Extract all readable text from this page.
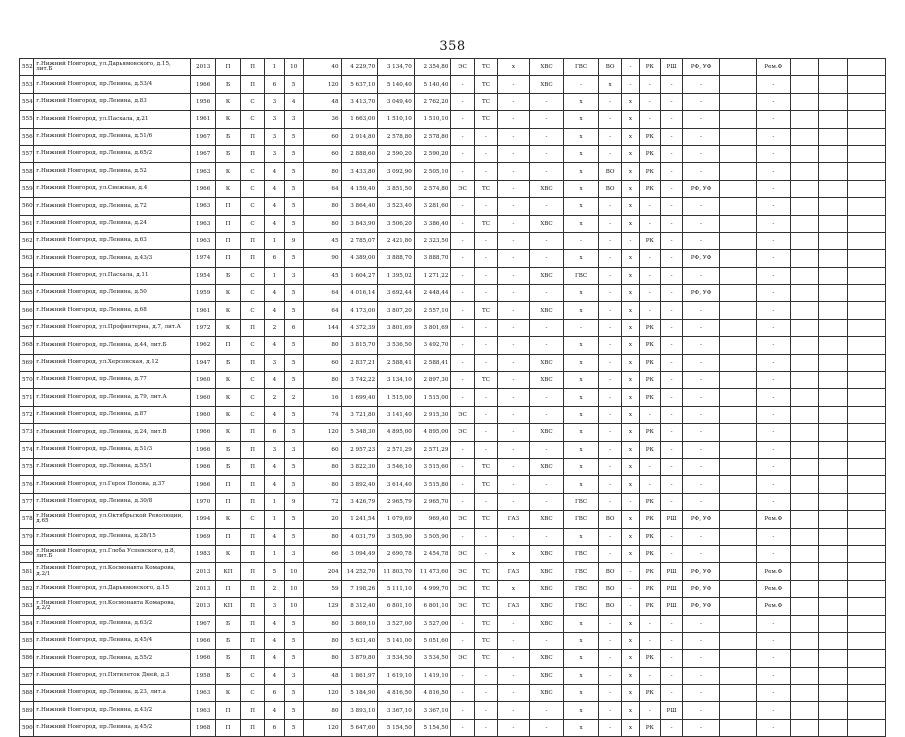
358
552	г.Нижний Новгород, ул.Дарьямовского, д.15, лит.Б	2013	П	П	1	10	40	4 229,70	3 134,70	2 354,80	ЭС	ТС	х	ХВС	ГВС	ВО	-	РК	РШ	РФ, УФ		Рем.Ф			
553	г.Нижний Новгород, пр.Ленина, д.53/4	1966	Б	П	6	5	120	5 637,10	5 140,40	5 140,40	-	ТС	-	ХВС	-	х	-	-	-	-		-			
554	г.Нижний Новгород, пр.Ленина, д.83	1956	К	С	3	4	48	3 413,70	3 049,40	2 762,20	-	ТС	-	-	х	-	х	-	-	-		-			
555	г.Нижний Новгород, ул.Пасхала, д.21	1961	К	С	3	3	36	1 663,00	1 510,10	1 510,10	-	ТС	-	-	х	-	х	-	-	-		-			
556	г.Нижний Новгород, пр.Ленина, д.51/6	1967	Б	П	3	5	60	2 914,80	2 578,80	2 578,80	-	-	-	-	х	-	х	РК	-	-		-			
557	г.Нижний Новгород, пр.Ленина, д.65/2	1967	Б	П	3	5	60	2 888,60	2 590,20	2 590,20	-	-	-	-	х	-	х	РК	-	-		-			
558	г.Нижний Новгород, пр.Ленина, д.52	1963	К	С	4	5	80	3 433,80	3 092,90	2 505,10	-	-	-	-	х	ВО	х	РК	-	-		-			
559	г.Нижний Новгород, ул.Снежная, д.4	1966	К	С	4	5	64	4 159,40	3 851,50	2 574,80	ЭС	ТС	-	ХВС	х	ВО	х	РК	-	РФ, УФ		-			
560	г.Нижний Новгород, пр.Ленина, д.72	1963	П	С	4	5	80	3 864,40	3 523,40	3 281,60	-	-	-	-	х	-	х	-	-	-		-			
561	г.Нижний Новгород, пр.Ленина, д.24	1963	П	С	4	5	80	3 843,90	3 506,20	3 386,40	-	ТС	-	ХВС	х	-	х	-	-	-		-			
562	г.Нижний Новгород, пр.Ленина, д.63	1963	П	П	1	9	45	2 785,07	2 421,80	2 323,50	-	-	-	-	-	-	-	РК	-	-		-			
563	г.Нижний Новгород, пр.Ленина, д.43/3	1974	П	П	6	5	90	4 389,00	3 888,70	3 888,70	-	-	-	-	х	-	х	-	-	РФ, УФ		-			
564	г.Нижний Новгород, ул.Пасхала, д.11	1954	Б	С	1	3	45	1 604,27	1 395,02	1 271,22	-	-	-	ХВС	ГВС	-	х	-	-	-		-			
565	г.Нижний Новгород, пр.Ленина, д.50	1959	К	С	4	5	64	4 016,14	3 692,44	2 448,44	-	-	-	-	х	-	х	-	-	РФ, УФ		-			
566	г.Нижний Новгород, пр.Ленина, д.68	1961	К	С	4	5	64	4 173,00	3 807,20	2 557,10	-	ТС	-	ХВС	х	-	х	-	-	-		-			
567	г.Нижний Новгород, ул.Профинтерна, д.7, лит.А	1972	К	П	2	6	144	4 372,39	3 801,69	3 801,69	-	-	-	-	-	-	х	РК	-	-		-			
568	г.Нижний Новгород, пр.Ленина, д.44, лит.Б	1962	П	С	4	5	80	3 815,70	3 536,50	3 492,70	-	-	-	-	х	-	х	РК	-	-		-			
569	г.Нижний Новгород, ул.Херсонская, д.12	1947	Б	П	3	5	60	2 837,21	2 588,41	2 588,41	-	-	-	ХВС	х	-	х	РК	-	-		-			
570	г.Нижний Новгород, пр.Ленина, д.77	1960	К	С	4	5	80	3 742,22	3 134,10	2 897,30	-	ТС	-	ХВС	х	-	х	РК	-	-		-			
571	г.Нижний Новгород, пр.Ленина, д.79, лит.А	1960	К	С	2	2	16	1 699,40	1 515,00	1 515,00	-	-	-	-	х	-	х	РК	-	-		-			
572	г.Нижний Новгород, пр.Ленина, д.87	1960	К	С	4	5	74	3 721,80	3 141,40	2 915,30	ЭС	-	-	-	х	-	х	-	-	-		-			
573	г.Нижний Новгород, пр.Ленина, д.24, лит.В	1966	К	П	6	5	120	5 348,30	4 895,00	4 895,00	ЭС	-	-	ХВС	х	-	х	РК	-	-		-			
574	г.Нижний Новгород, пр.Ленина, д.51/3	1966	Б	П	3	3	60	2 957,23	2 571,29	2 571,29	-	-	-	-	х	-	х	РК	-	-		-			
575	г.Нижний Новгород, пр.Ленина, д.55/1	1966	Б	П	4	5	80	3 822,30	3 546,10	3 515,60	-	ТС	-	ХВС	х	-	х	-	-	-		-			
576	г.Нижний Новгород, ул.Героя Попова, д.37	1966	П	П	4	5	80	3 892,40	3 614,40	3 515,80	-	ТС	-	-	х	-	х	-	-	-		-			
577	г.Нижний Новгород, пр.Ленина, д.30/8	1970	П	П	1	9	72	3 426,79	2 965,79	2 965,70	-	-	-	-	ГВС	-	-	РК	-	-		-			
578	г.Нижний Новгород, ул.Октябрьской Революции, д.65	1994	К	С	1	5	20	1 241,54	1 079,69	969,40	ЭС	ТС	ГАЗ	ХВС	ГВС	ВО	х	РК	РШ	РФ, УФ		Рем.Ф			
579	г.Нижний Новгород, пр.Ленина, д.28/15	1969	П	П	4	5	80	4 031,79	3 505,90	3 505,90	-	-	-	-	х	-	х	РК	-	-		-			
580	г.Нижний Новгород, ул.Глеба Успенского, д.8, лит.Б	1983	К	П	1	3	66	3 094,49	2 690,78	2 454,78	ЭС	-	х	ХВС	ГВС	-	х	РК	-	-		-			
581	г.Нижний Новгород, ул.Космонавта Комарова, д.2/1	2013	КП	П	5	10	204	14 252,70	11 803,70	11 473,60	ЭС	ТС	ГАЗ	ХВС	ГВС	ВО	-	РК	РШ	РФ, УФ		Рем.Ф			
582	г.Нижний Новгород, ул.Дарьямовского, д.15	2013	П	П	2	10	59	7 198,26	5 111,10	4 999,70	ЭС	ТС	х	ХВС	ГВС	ВО	-	РК	РШ	РФ, УФ		Рем.Ф			
583	г.Нижний Новгород, ул.Космонавта Комарова, д.2/2	2013	КП	П	3	10	129	8 312,40	6 801,10	6 801,10	ЭС	ТС	ГАЗ	ХВС	ГВС	ВО	-	РК	РШ	РФ, УФ		Рем.Ф			
584	г.Нижний Новгород, пр.Ленина, д.63/2	1967	Б	П	4	5	80	3 869,10	3 527,00	3 527,00	-	ТС	-	ХВС	х	-	х	-	-	-		-			
585	г.Нижний Новгород, пр.Ленина, д.45/4	1966	Б	П	4	5	80	5 631,40	5 141,00	5 051,60	-	ТС	-	-	х	-	х	-	-	-		-			
586	г.Нижний Новгород, пр.Ленина, д.55/2	1966	Б	П	4	5	80	3 879,80	3 534,50	3 534,50	ЭС	ТС	-	ХВС	х	-	х	РК	-	-		-			
587	г.Нижний Новгород, ул.Пятилеток Дней, д.3	1958	Б	С	4	3	48	1 861,97	1 619,10	1 419,10	-	-	-	ХВС	х	-	х	-	-	-		-			
588	г.Нижний Новгород, пр.Ленина, д.23, лит.а	1963	К	С	6	5	120	5 184,90	4 816,50	4 816,50	-	-	-	ХВС	х	-	х	РК	-	-		-			
589	г.Нижний Новгород, пр.Ленина, д.43/2	1963	П	П	4	5	80	3 893,10	3 367,10	3 367,10	-	-	-	-	х	-	х	-	РШ	-		-			
590	г.Нижний Новгород, пр.Ленина, д.45/2	1968	П	П	6	5	120	5 647,60	5 154,50	5 154,50	-	-	-	-	х	-	х	РК	-	-		-			
